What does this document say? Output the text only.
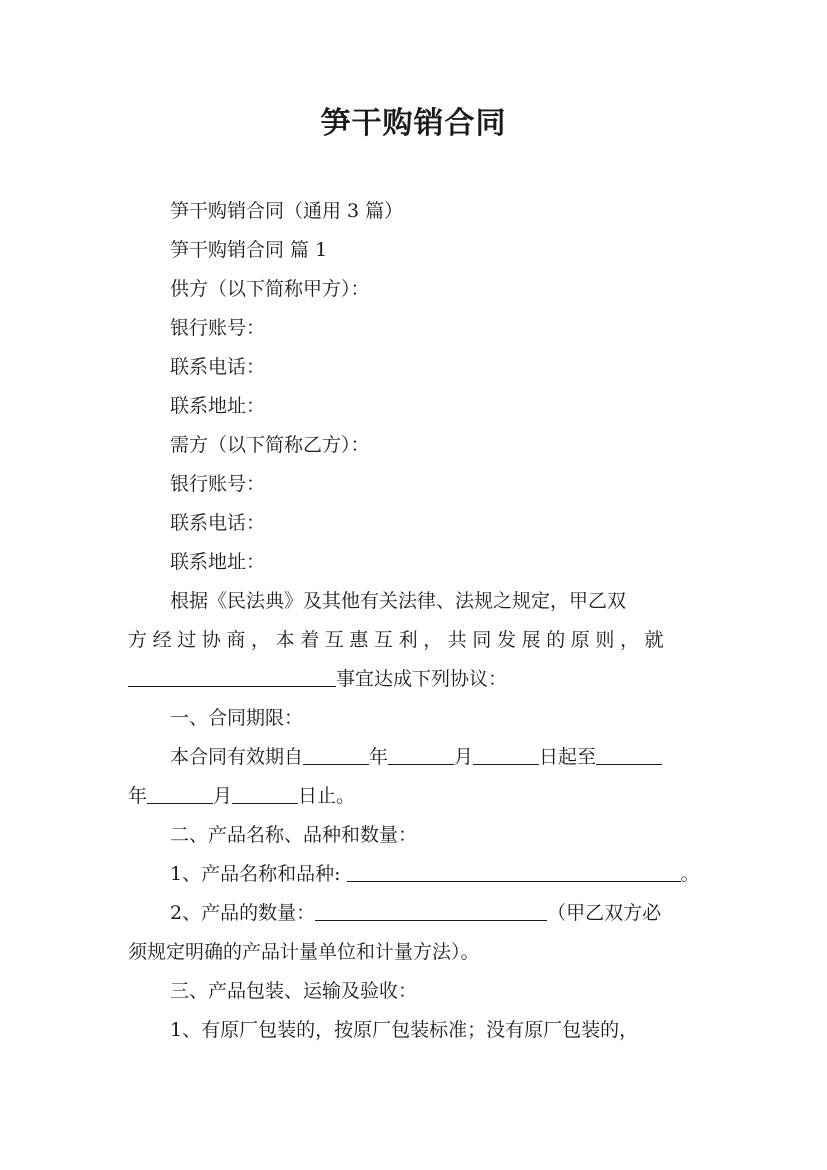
笋干购销合同
笋干购销合同（通用 3 篇）
笋干购销合同 篇 1
供方（以下简称甲方）：
银行账号：
联系电话：
联系地址：
需方（以下简称乙方）：
银行账号：
联系电话：
联系地址：
根据《民法典》及其他有关法律、法规之规定，甲乙双
方经过协商，本着互惠互利，共同发展的原则，就
事宜达成下列协议：
一、合同期限：
本合同有效期自	年	月	日起至
年	月	日止。
二、产品名称、品种和数量：
1、产品名称和品种:	。
2、产品的数量：	（甲乙双方必
须规定明确的产品计量单位和计量方法）。
三、产品包装、运输及验收：
1、有原厂包装的，按原厂包装标准；没有原厂包装的，
